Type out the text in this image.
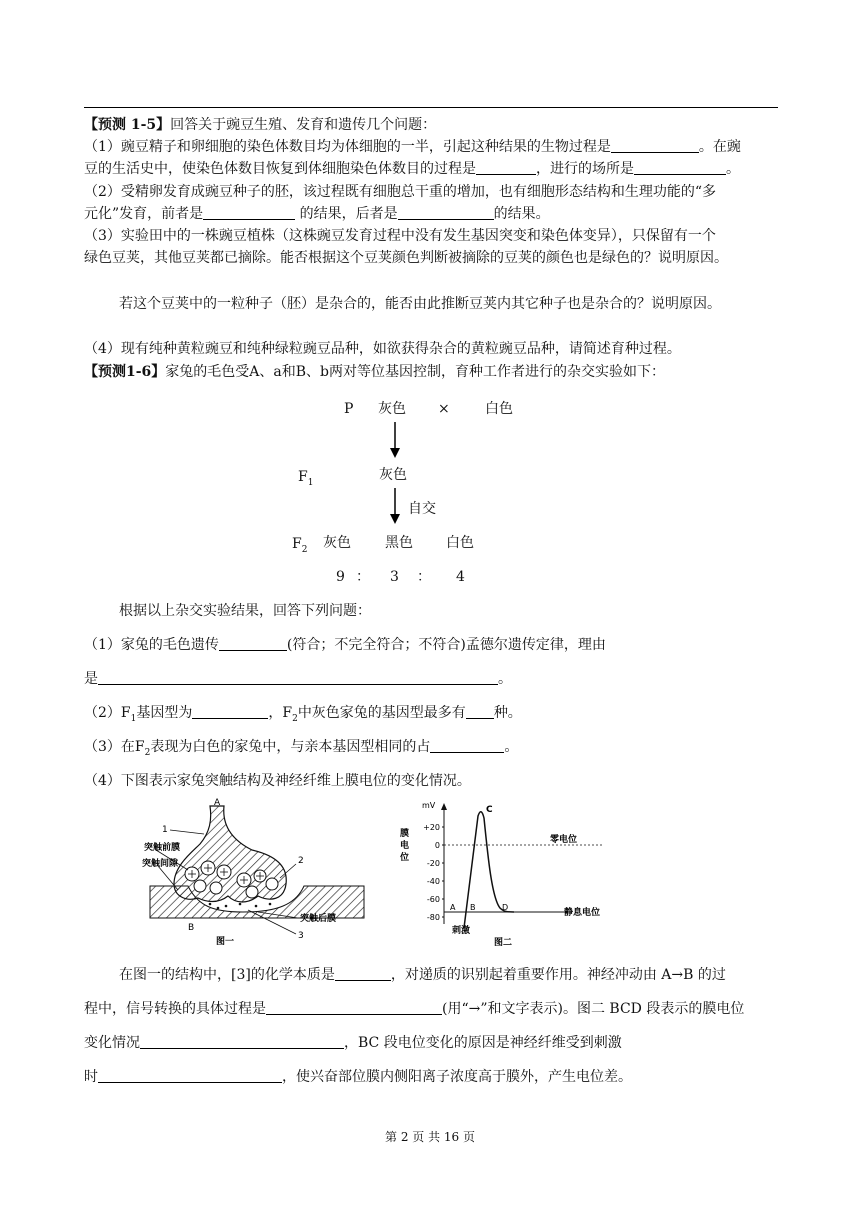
【预测 1-5】回答关于豌豆生殖、发育和遗传几个问题：
（1）豌豆精子和卵细胞的染色体数目均为体细胞的一半，引起这种结果的生物过程是	。在豌
豆的生活史中，使染色体数目恢复到体细胞染色体数目的过程是	，进行的场所是	。
（2）受精卵发育成豌豆种子的胚，该过程既有细胞总干重的增加，也有细胞形态结构和生理功能的“多
元化”发育，前者是	的结果，后者是	的结果。
（3）实验田中的一株豌豆植株（这株豌豆发育过程中没有发生基因突变和染色体变异），只保留有一个
绿色豆荚，其他豆荚都已摘除。能否根据这个豆荚颜色判断被摘除的豆荚的颜色也是绿色的？说明原因。
若这个豆荚中的一粒种子（胚）是杂合的，能否由此推断豆荚内其它种子也是杂合的？说明原因。
（4）现有纯种黄粒豌豆和纯种绿粒豌豆品种，如欲获得杂合的黄粒豌豆品种，请简述育种过程。
【预测1-6】家兔的毛色受A、a和B、b两对等位基因控制，育种工作者进行的杂交实验如下：
P 灰色 ×	白色
$F_1$	灰色
自交
$F_2$ 灰色 黑色 白色
9 ： 3 ： 4
根据以上杂交实验结果，回答下列问题：
（1）家兔的毛色遗传	(符合；不完全符合；不符合)孟德尔遗传定律，理由
是	。
$(2)F_1$基因型为	，$F_2$中灰色家兔的基因型最多有 种。
（3）在$F_2$表现为白色的家兔中，与亲本基因型相同的占	。
（4）下图表示家兔突触结构及神经纤维上膜电位的变化情况。
A
1
突触前膜
突触间隙	2
突触后膜
3
B
图一
mV
膜
电
位
+20
0
-20
-40
-60
-80
C
A B	D
零电位
静息电位
刺激
图二
在图一的结构中，[3]的化学本质是	，对递质的识别起着重要作用。神经冲动由 A→B 的过
程中，信号转换的具体过程是	(用“→”和文字表示)。图二 BCD 段表示的膜电位
变化情况	，BC 段电位变化的原因是神经纤维受到刺激
时	，使兴奋部位膜内侧阳离子浓度高于膜外，产生电位差。
第 2 页 共 16 页
